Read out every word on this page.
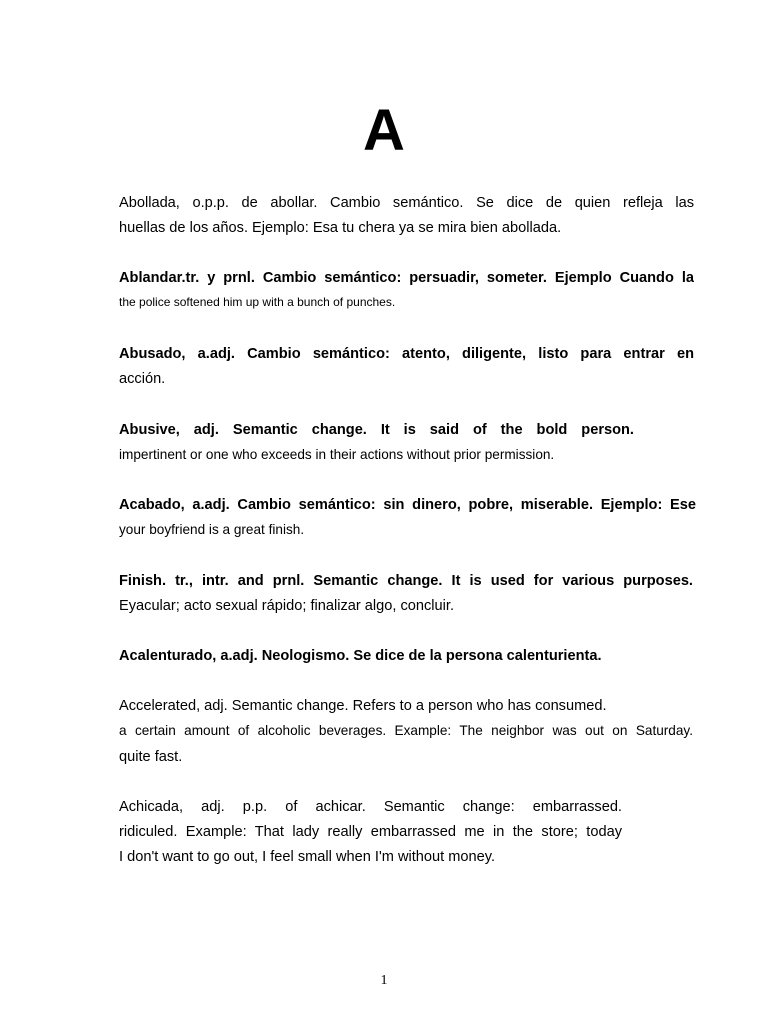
A
Abollada, o.p.p. de abollar. Cambio semántico. Se dice de quien refleja las
huellas de los años. Ejemplo: Esa tu chera ya se mira bien abollada.
Ablandar.tr. y prnl. Cambio semántico: persuadir, someter. Ejemplo Cuando la
the police softened him up with a bunch of punches.
Abusado, a.adj. Cambio semántico: atento, diligente, listo para entrar en
acción.
Abusive, adj. Semantic change. It is said of the bold person.
impertinent or one who exceeds in their actions without prior permission.
Acabado, a.adj. Cambio semántico: sin dinero, pobre, miserable. Ejemplo: Ese
your boyfriend is a great finish.
Finish. tr., intr. and prnl. Semantic change. It is used for various purposes.
Eyacular; acto sexual rápido; finalizar algo, concluir.
Acalenturado, a.adj. Neologismo. Se dice de la persona calenturienta.
Accelerated, adj. Semantic change. Refers to a person who has consumed.
a certain amount of alcoholic beverages. Example: The neighbor was out on Saturday.
quite fast.
Achicada, adj. p.p. of achicar. Semantic change: embarrassed.
ridiculed. Example: That lady really embarrassed me in the store; today
I don't want to go out, I feel small when I'm without money.
1
